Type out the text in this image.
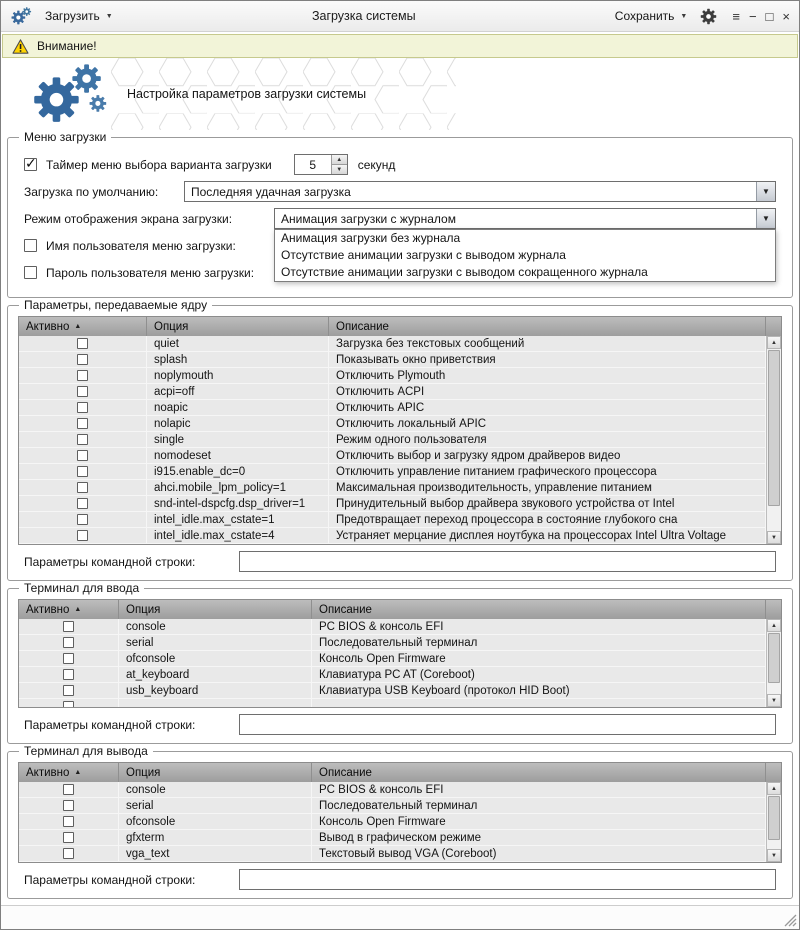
Загрузить ▼	Загрузка системы	Сохранить ▼	≡ − □ ×
Внимание!
Настройка параметров загрузки системы
Меню загрузки
✓ Таймер меню выбора варианта загрузки	5	▲
▼	секунд
Загрузка по умолчанию:	Последняя удачная загрузка	▼
Режим отображения экрана загрузки:	Анимация загрузки с журналом	▼
Анимация загрузки без журнала
Отсутствие анимации загрузки с выводом журнала
Отсутствие анимации загрузки с выводом сокращенного журнала
Имя пользователя меню загрузки:
Пароль пользователя меню загрузки:
Параметры, передаваемые ядру
Активно ▲	Опция	Описание
quiet	Загрузка без текстовых сообщений
splash	Показывать окно приветствия
noplymouth	Отключить Plymouth
acpi=off	Отключить ACPI
noapic	Отключить APIC
nolapic	Отключить локальный APIC
single	Режим одного пользователя
nomodeset	Отключить выбор и загрузку ядром драйверов видео
i915.enable_dc=0	Отключить управление питанием графического процессора
ahci.mobile_lpm_policy=1	Максимальная производительность, управление питанием
snd-intel-dspcfg.dsp_driver=1	Принудительный выбор драйвера звукового устройства от Intel
intel_idle.max_cstate=1	Предотвращает переход процессора в состояние глубокого сна
intel_idle.max_cstate=4	Устраняет мерцание дисплея ноутбука на процессорах Intel Ultra Voltage
▲
▼
Параметры командной строки:
Терминал для ввода
Активно ▲	Опция	Описание
console	PC BIOS & консоль EFI
serial	Последовательный терминал
ofconsole	Консоль Open Firmware
at_keyboard	Клавиатура PC AT (Coreboot)
usb_keyboard	Клавиатура USB Keyboard (протокол HID Boot)
▲
▼
Параметры командной строки:
Терминал для вывода
Активно ▲	Опция	Описание
console	PC BIOS & консоль EFI
serial	Последовательный терминал
ofconsole	Консоль Open Firmware
gfxterm	Вывод в графическом режиме
vga_text	Текстовый вывод VGA (Coreboot)
▲
▼
Параметры командной строки:
